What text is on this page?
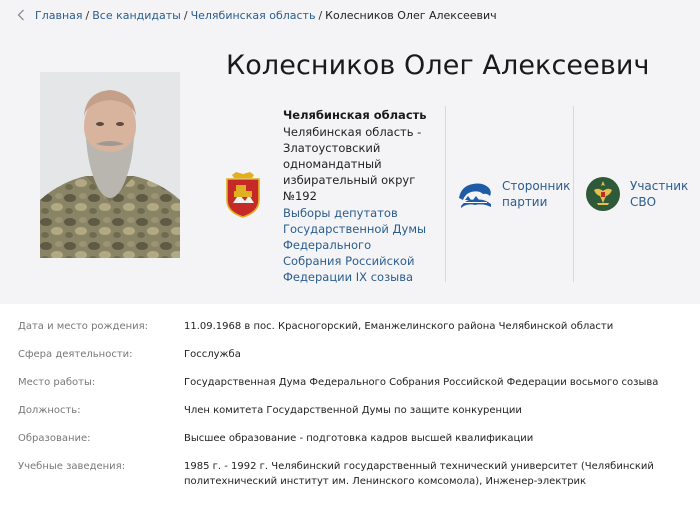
Главная / Все кандидаты / Челябинская область / Колесников Олег Алексеевич
Колесников Олег Алексеевич
Челябинская область
Челябинская область - Златоустовский одномандатный избирательный округ №192
Выборы депутатов Государственной Думы Федерального Собрания Российской Федерации IX созыва
Сторонник партии
Участник СВО
Дата и место рождения:	11.09.1968 в пос. Красногорский, Еманжелинского района Челябинской области
Сфера деятельности:	Госслужба
Место работы:	Государственная Дума Федерального Собрания Российской Федерации восьмого созыва
Должность:	Член комитета Государственной Думы по защите конкуренции
Образование:	Высшее образование - подготовка кадров высшей квалификации
Учебные заведения:	1985 г. - 1992 г. Челябинский государственный технический университет (Челябинский политехнический институт им. Ленинского комсомола), Инженер-электрик
